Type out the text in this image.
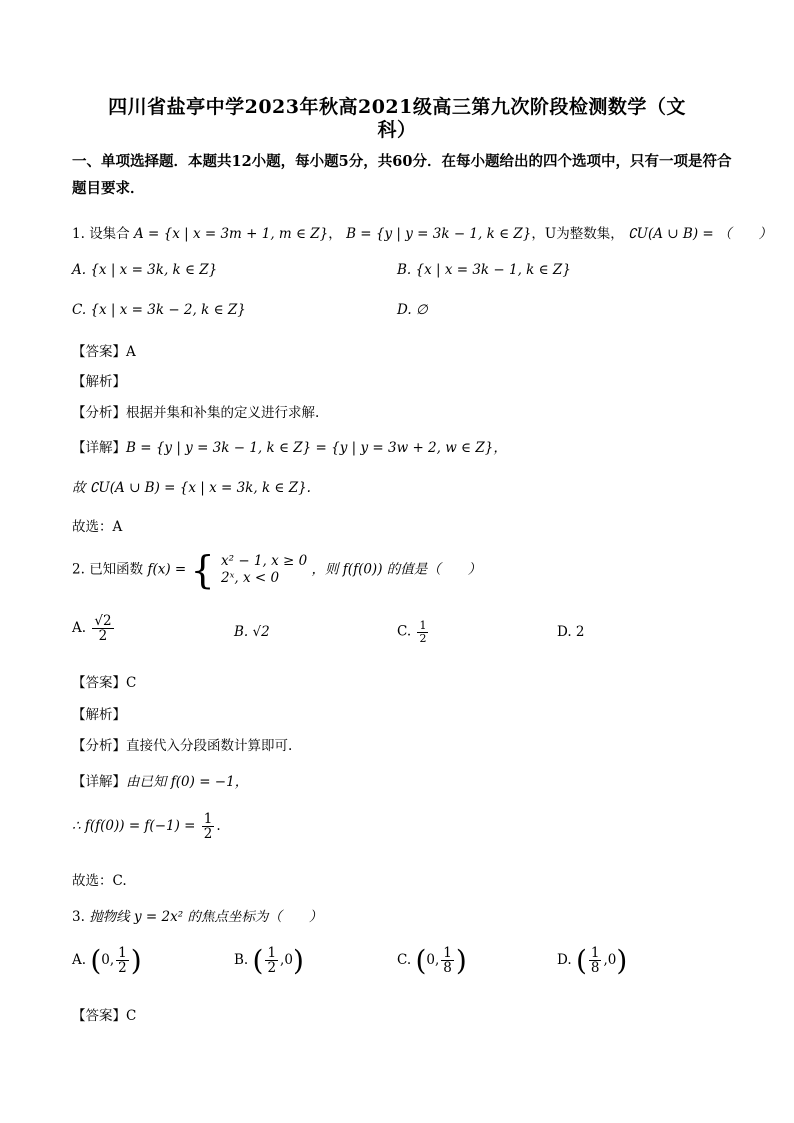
四川省盐亭中学2023年秋高2021级高三第九次阶段检测数学（文
科）
一、单项选择题．本题共12小题，每小题5分，共60分．在每小题给出的四个选项中，只有一项是符合题目要求．
1. 设集合 A = {x | x = 3m + 1, m ∈ Z}， B = {y | y = 3k − 1, k ∈ Z}，U为整数集， ∁U(A ∪ B) = （　　）
A. {x | x = 3k, k ∈ Z}	B. {x | x = 3k − 1, k ∈ Z}
C. {x | x = 3k − 2, k ∈ Z}	D. ∅
【答案】A
【解析】
【分析】根据并集和补集的定义进行求解.
【详解】B = {y | y = 3k − 1, k ∈ Z} = {y | y = 3w + 2, w ∈ Z}，
故 ∁U(A ∪ B) = {x | x = 3k, k ∈ Z}.
故选：A
2. 已知函数 f(x) = { x² − 1, x ≥ 0
2ˣ, x < 0
，则 f(f(0)) 的值是（　　）
A. $\frac{√2}{2}$	B. √2	C. $\frac{1}{2}$	D. 2
【答案】C
【解析】
【分析】直接代入分段函数计算即可.
【详解】由已知 f(0) = −1，
∴ $f(f(0)) = f(-1) = \frac{1}{2}$ .
故选：C.
3. 抛物线 y = 2x² 的焦点坐标为（　　）
A. (0, $\frac{1}{2}$ )	B. ( $\frac{1}{2} ,0$)	C. (0, $\frac{1}{8}$ )	D. ( $\frac{1}{8} ,0$)
【答案】C
